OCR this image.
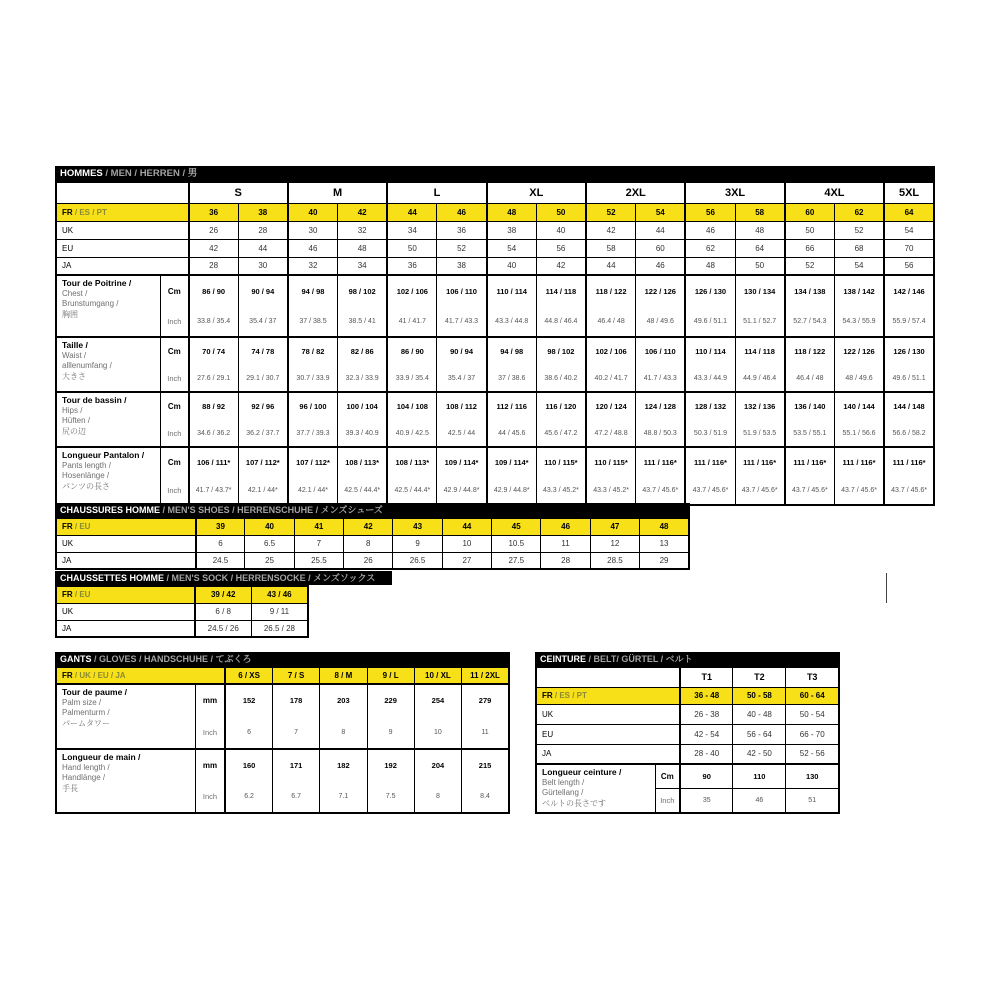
HOMMES / MEN / HERREN / 男
		S		M		L		XL		2XL		3XL		4XL		5XL
FR / ES / PT		36	38	40	42	44	46	48	50	52	54	56	58	60	62	64
UK		26	28	30	32	34	36	38	40	42	44	46	48	50	52	54
EU		42	44	46	48	50	52	54	56	58	60	62	64	66	68	70
JA		28	30	32	34	36	38	40	42	44	46	48	50	52	54	56

Tour de Poitrine /
Chest /
Brunstumgang /
胸囲	Cm	86 / 90	90 / 94	94 / 98	98 / 102	102 / 106	106 / 110	110 / 114	114 / 118	118 / 122	122 / 126	126 / 130	130 / 134	134 / 138	138 / 142	142 / 146
	Inch	33.8 / 35.4	35.4 / 37	37 / 38.5	38.5 / 41	41 / 41.7	41.7 / 43.3	43.3 / 44.8	44.8 / 46.4	46.4 / 48	48 / 49.6	49.6 / 51.1	51.1 / 52.7	52.7 / 54.3	54.3 / 55.9	55.9 / 57.4

Taille /
Waist /
alllenumfang /
大きさ	Cm	70 / 74	74 / 78	78 / 82	82 / 86	86 / 90	90 / 94	94 / 98	98 / 102	102 / 106	106 / 110	110 / 114	114 / 118	118 / 122	122 / 126	126 / 130
	Inch	27.6 / 29.1	29.1 / 30.7	30.7 / 33.9	32.3 / 33.9	33.9 / 35.4	35.4 / 37	37 / 38.6	38.6 / 40.2	40.2 / 41.7	41.7 / 43.3	43.3 / 44.9	44.9 / 46.4	46.4 / 48	48 / 49.6	49.6 / 51.1

Tour de bassin /
Hips /
Hüften /
尻の辺	Cm	88 / 92	92 / 96	96 / 100	100 / 104	104 / 108	108 / 112	112 / 116	116 / 120	120 / 124	124 / 128	128 / 132	132 / 136	136 / 140	140 / 144	144 / 148
	Inch	34.6 / 36.2	36.2 / 37.7	37.7 / 39.3	39.3 / 40.9	40.9 / 42.5	42.5 / 44	44 / 45.6	45.6 / 47.2	47.2 / 48.8	48.8 / 50.3	50.3 / 51.9	51.9 / 53.5	53.5 / 55.1	55.1 / 56.6	56.6 / 58.2

Longueur Pantalon /
Pants length /
Hosenlänge /
パンツの長さ	Cm	106 / 111*	107 / 112*	107 / 112*	108 / 113*	108 / 113*	109 / 114*	109 / 114*	110 / 115*	110 / 115*	111 / 116*	111 / 116*	111 / 116*	111 / 116*	111 / 116*	111 / 116*
	Inch	41.7 / 43.7*	42.1 / 44*	42.1 / 44*	42.5 / 44.4*	42.5 / 44.4*	42.9 / 44.8*	42.9 / 44.8*	43.3 / 45.2*	43.3 / 45.2*	43.7 / 45.6*	43.7 / 45.6*	43.7 / 45.6*	43.7 / 45.6*	43.7 / 45.6*	43.7 / 45.6*
CHAUSSURES HOMME / MEN'S SHOES / HERRENSCHUHE / メンズシューズ
FR / EU	39	40	41	42	43	44	45	46	47	48
UK	6	6.5	7	8	9	10	10.5	11	12	13
JA	24.5	25	25.5	26	26.5	27	27.5	28	28.5	29
CHAUSSETTES HOMME / MEN'S SOCK / HERRENSOCKE / メンズソックス
FR / EU	39 / 42	43 / 46
UK	6 / 8	9 / 11
JA	24.5 / 26	26.5 / 28
GANTS / GLOVES / HANDSCHUHE / てぶくろ
FR / UK / EU / JA		6 / XS	7 / S	8 / M	9 / L	10 / XL	11 / 2XL

Tour de paume /
Palm size /
Palmenturm /
パームタワー	mm	152	178	203	229	254	279
	Inch	6	7	8	9	10	11

Longueur de main /
Hand length /
Handlänge /
手長	mm	160	171	182	192	204	215
	Inch	6.2	6.7	7.1	7.5	8	8.4
CEINTURE / BELT/ GÜRTEL / ベルト
		T1	T2	T3
FR / ES / PT		36 - 48	50 - 58	60 - 64
UK		26 - 38	40 - 48	50 - 54
EU		42 - 54	56 - 64	66 - 70
JA		28 - 40	42 - 50	52 - 56

Longueur ceinture /
Belt length /
Gürtellang /
ベルトの長さです	Cm	90	110	130
	Inch	35	46	51
